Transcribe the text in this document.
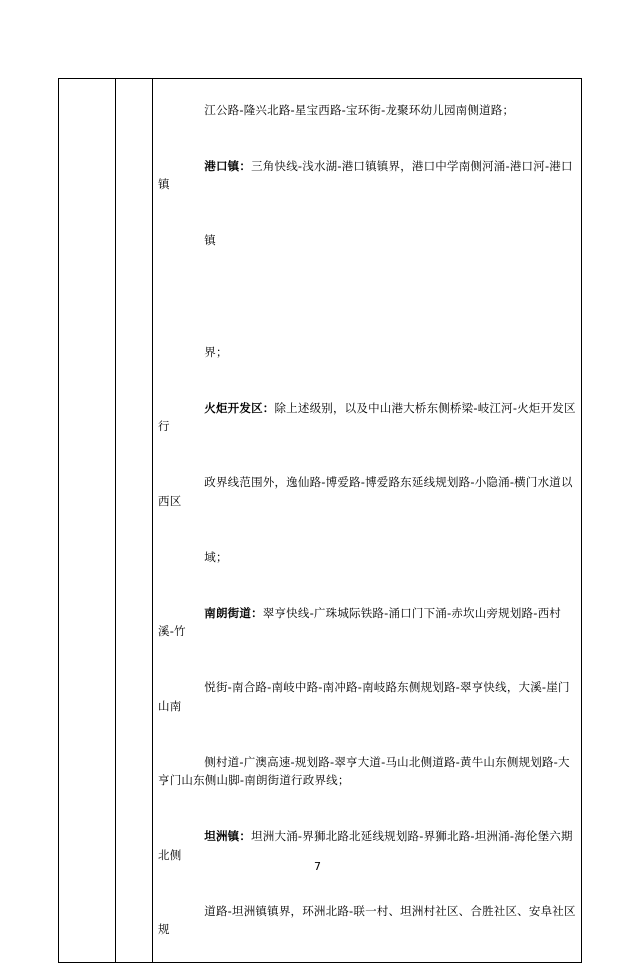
江公路-隆兴北路-星宝西路-宝环街-龙聚环幼儿园南侧道路；

港口镇：三角快线-浅水湖-港口镇镇界，港口中学南侧河涌-港口河-港口镇

镇

界；

火炬开发区：除上述级别，以及中山港大桥东侧桥梁-岐江河-火炬开发区行

政界线范围外，逸仙路-博爱路-博爱路东延线规划路-小隐涌-横门水道以西区

域；

南朗街道：翠亨快线-广珠城际铁路-涌口门下涌-赤坎山旁规划路-西村溪-竹

悦街-南合路-南岐中路-南冲路-南岐路东侧规划路-翠亨快线，大溪-崖门山南

侧村道-广澳高速-规划路-翠亨大道-马山北侧道路-黄牛山东侧规划路-大亨门山东侧山脚-南朗街道行政界线；

坦洲镇：坦洲大涌-界狮北路北延线规划路-界狮北路-坦洲涌-海伦堡六期北侧

道路-坦洲镇镇界，环洲北路-联一村、坦洲村社区、合胜社区、安阜社区规

7
